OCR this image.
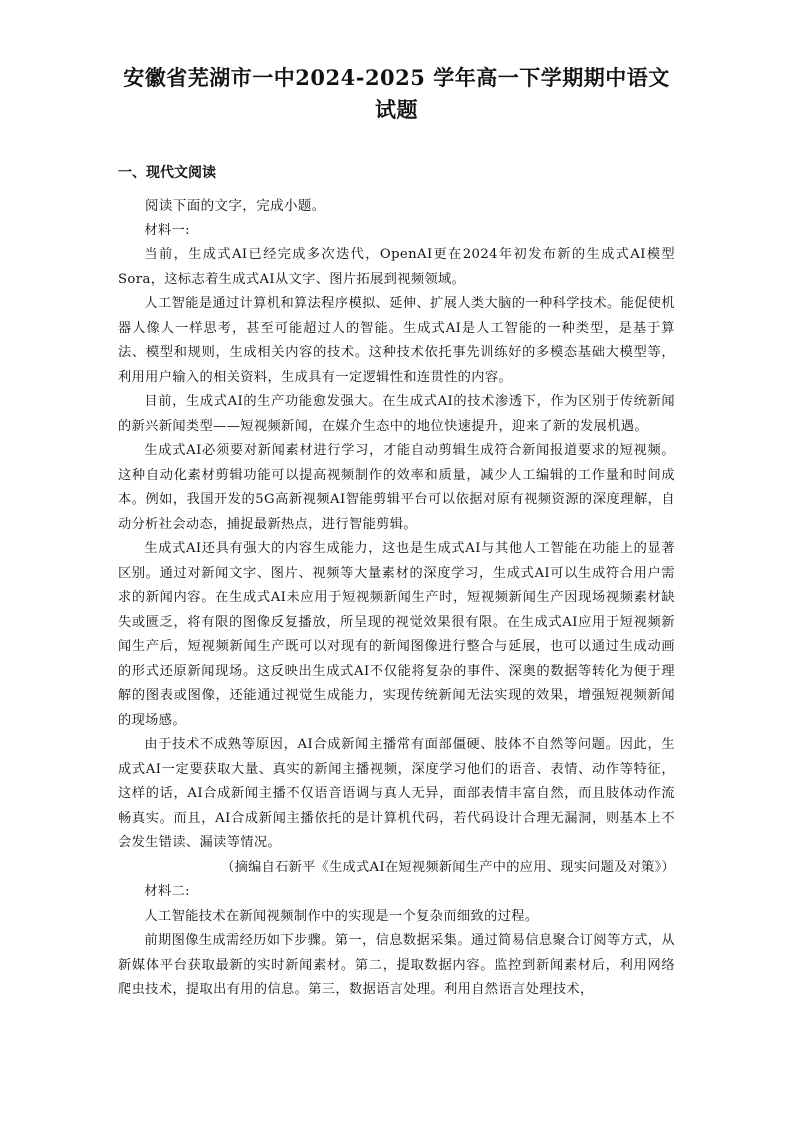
安徽省芜湖市一中2024-2025 学年高一下学期期中语文试题
一、现代文阅读

阅读下面的文字，完成小题。

材料一:

当前，生成式AI已经完成多次迭代，OpenAI更在2024年初发布新的生成式AI模型Sora，这标志着生成式AI从文字、图片拓展到视频领域。

人工智能是通过计算机和算法程序模拟、延伸、扩展人类大脑的一种科学技术。能促使机器人像人一样思考，甚至可能超过人的智能。生成式AI是人工智能的一种类型，是基于算法、模型和规则，生成相关内容的技术。这种技术依托事先训练好的多模态基础大模型等，利用用户输入的相关资料，生成具有一定逻辑性和连贯性的内容。

目前，生成式AI的生产功能愈发强大。在生成式AI的技术渗透下，作为区别于传统新闻的新兴新闻类型——短视频新闻，在媒介生态中的地位快速提升，迎来了新的发展机遇。

生成式AI必须要对新闻素材进行学习，才能自动剪辑生成符合新闻报道要求的短视频。这种自动化素材剪辑功能可以提高视频制作的效率和质量，减少人工编辑的工作量和时间成本。例如，我国开发的5G高新视频AI智能剪辑平台可以依据对原有视频资源的深度理解，自动分析社会动态，捕捉最新热点，进行智能剪辑。

生成式AI还具有强大的内容生成能力，这也是生成式AI与其他人工智能在功能上的显著区别。通过对新闻文字、图片、视频等大量素材的深度学习，生成式AI可以生成符合用户需求的新闻内容。在生成式AI未应用于短视频新闻生产时，短视频新闻生产因现场视频素材缺失或匮乏，将有限的图像反复播放，所呈现的视觉效果很有限。在生成式AI应用于短视频新闻生产后，短视频新闻生产既可以对现有的新闻图像进行整合与延展，也可以通过生成动画的形式还原新闻现场。这反映出生成式AI不仅能将复杂的事件、深奥的数据等转化为便于理解的图表或图像，还能通过视觉生成能力，实现传统新闻无法实现的效果，增强短视频新闻的现场感。

由于技术不成熟等原因，AI合成新闻主播常有面部僵硬、肢体不自然等问题。因此，生成式AI一定要获取大量、真实的新闻主播视频，深度学习他们的语音、表情、动作等特征，这样的话，AI合成新闻主播不仅语音语调与真人无异，面部表情丰富自然，而且肢体动作流畅真实。而且，AI合成新闻主播依托的是计算机代码，若代码设计合理无漏洞，则基本上不会发生错读、漏读等情况。

（摘编自石新平《生成式AI在短视频新闻生产中的应用、现实问题及对策》）

材料二:

人工智能技术在新闻视频制作中的实现是一个复杂而细致的过程。

前期图像生成需经历如下步骤。第一，信息数据采集。通过简易信息聚合订阅等方式，从新媒体平台获取最新的实时新闻素材。第二，提取数据内容。监控到新闻素材后，利用网络爬虫技术，提取出有用的信息。第三，数据语言处理。利用自然语言处理技术，
